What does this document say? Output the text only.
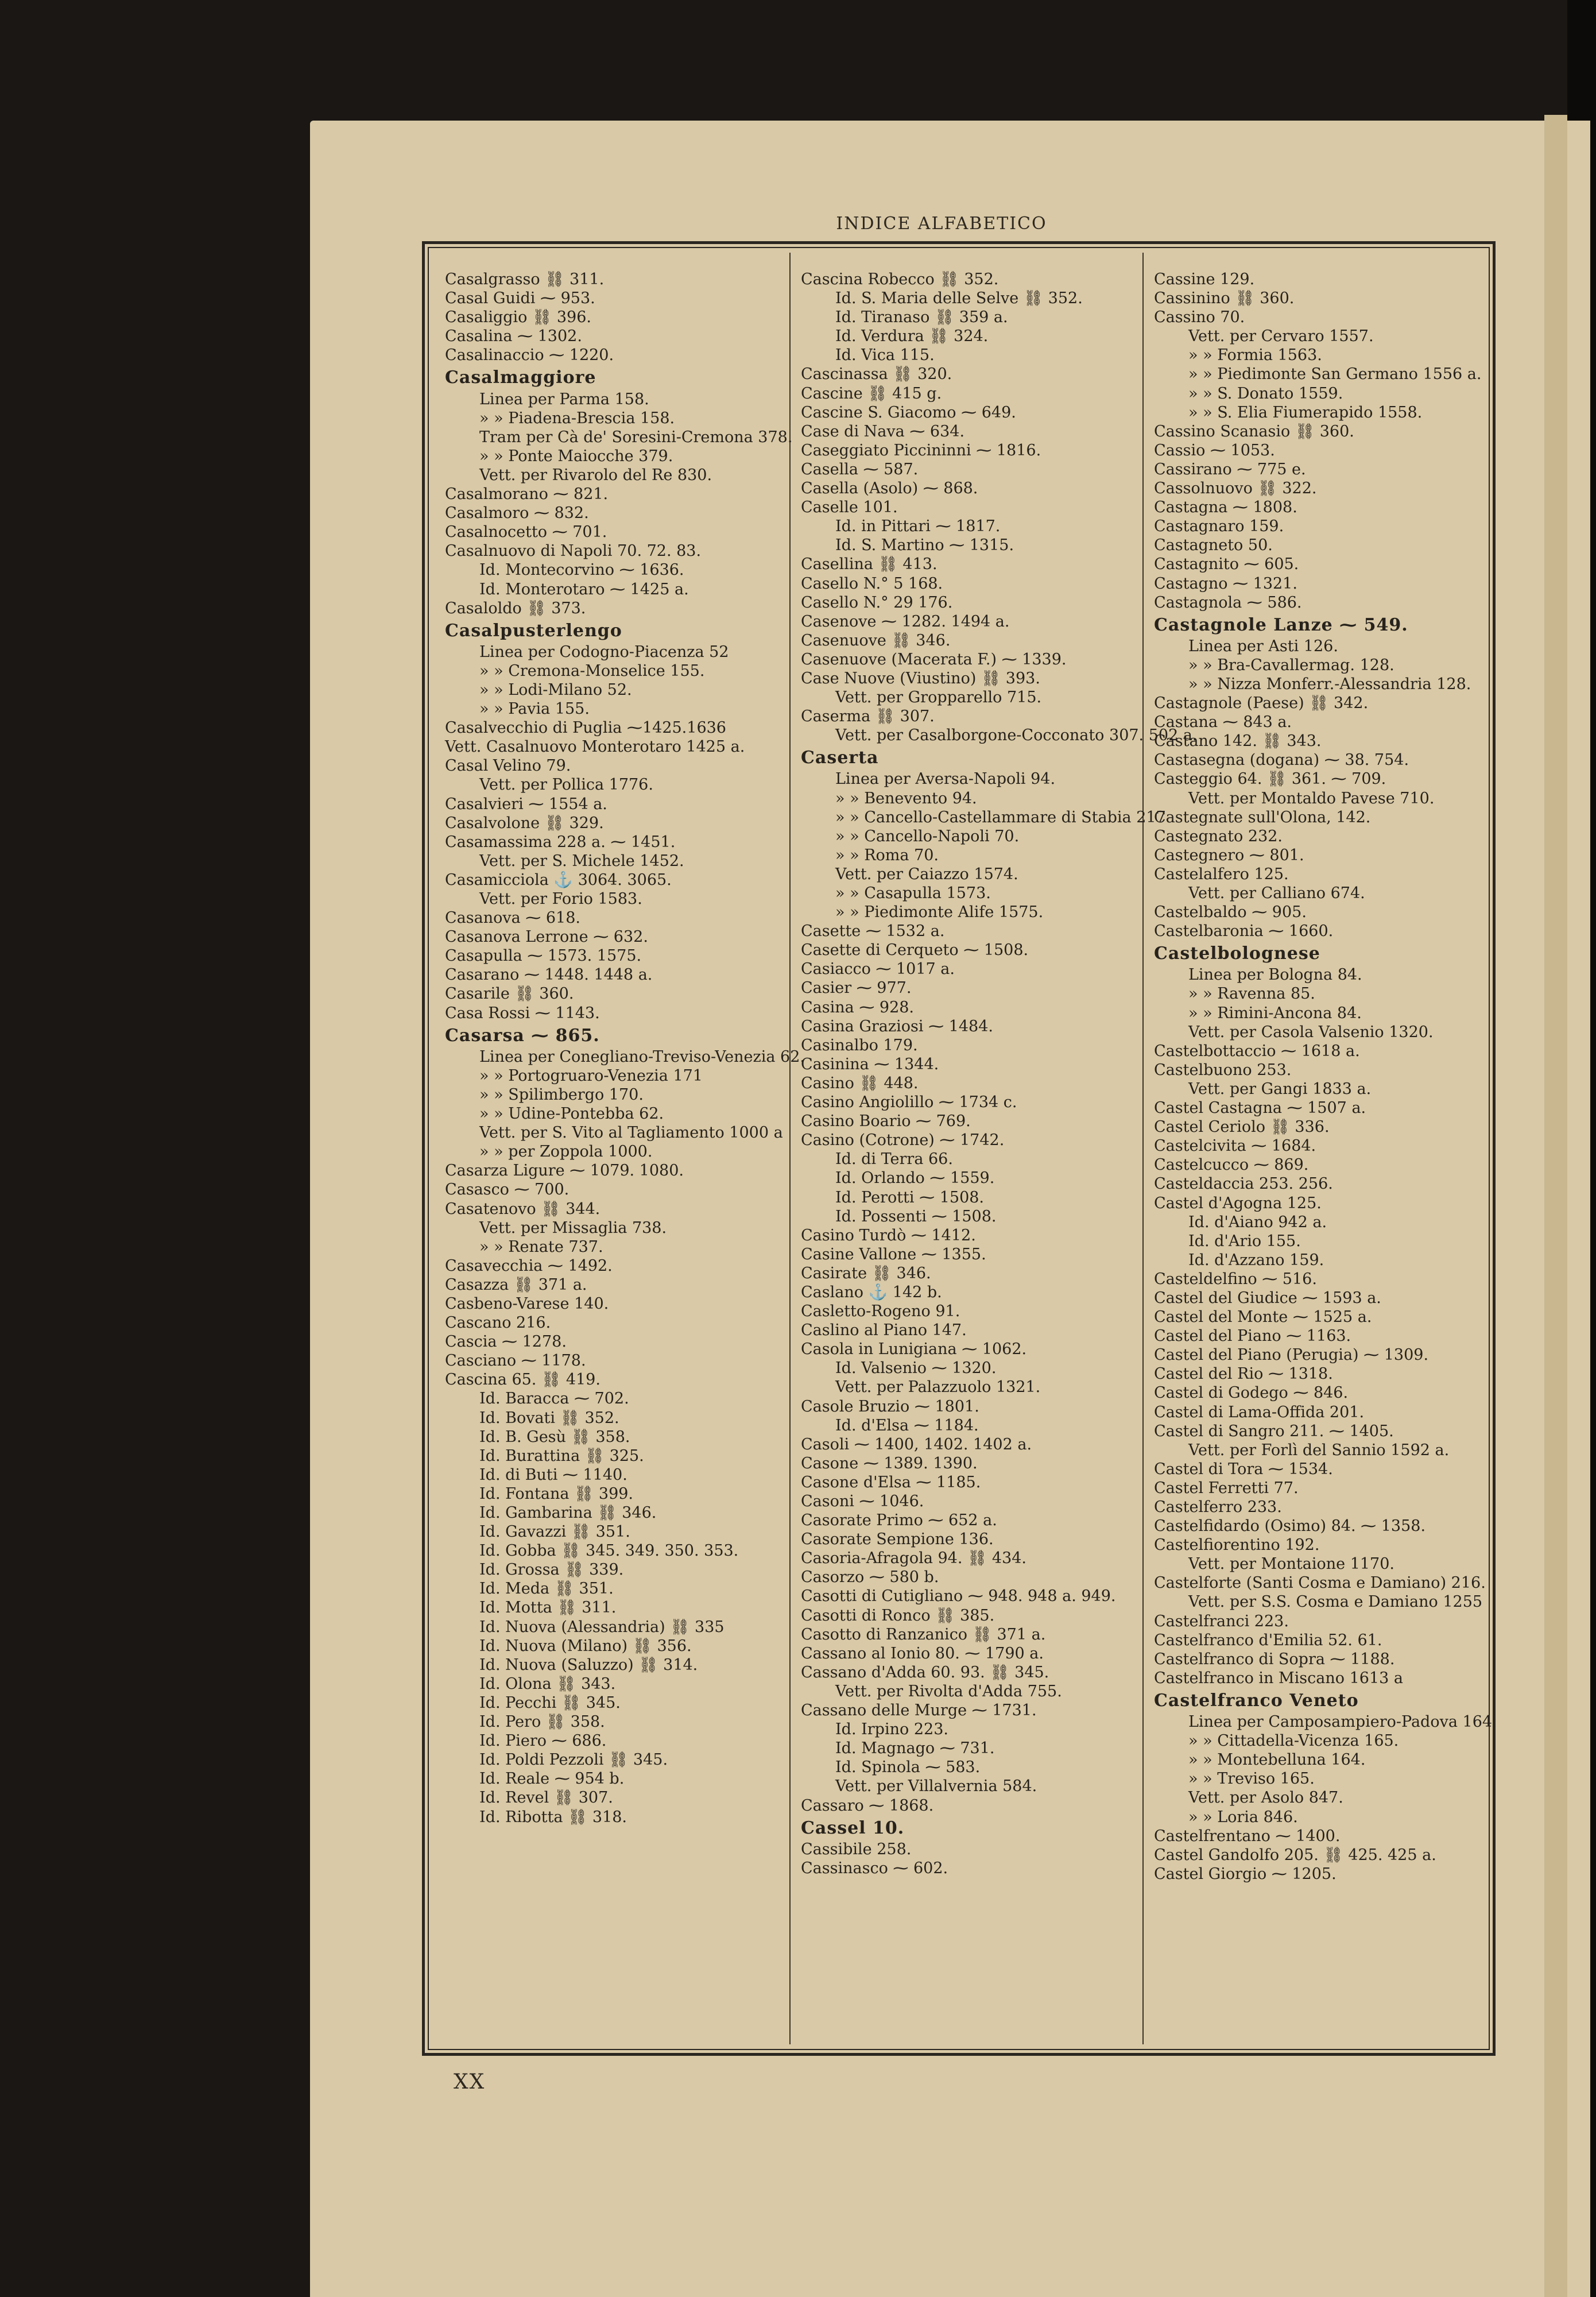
INDICE ALFABETICO
Casalgrasso ⛓ 311.
Casal Guidi ⁓ 953.
Casaliggio ⛓ 396.
Casalina ⁓ 1302.
Casalinaccio ⁓ 1220.
Casalmaggiore
Linea per Parma 158.
» » Piadena-Brescia 158.
Tram per Cà de' Soresini-Cremona 378.
» » Ponte Maiocche 379.
Vett. per Rivarolo del Re 830.
Casalmorano ⁓ 821.
Casalmoro ⁓ 832.
Casalnocetto ⁓ 701.
Casalnuovo di Napoli 70. 72. 83.
Id. Montecorvino ⁓ 1636.
Id. Monterotaro ⁓ 1425 a.
Casaloldo ⛓ 373.
Casalpusterlengo
Linea per Codogno-Piacenza 52
» » Cremona-Monselice 155.
» » Lodi-Milano 52.
» » Pavia 155.
Casalvecchio di Puglia ⁓1425.1636
Vett. Casalnuovo Monterotaro 1425 a.
Casal Velino 79.
Vett. per Pollica 1776.
Casalvieri ⁓ 1554 a.
Casalvolone ⛓ 329.
Casamassima 228 a. ⁓ 1451.
Vett. per S. Michele 1452.
Casamicciola ⚓ 3064. 3065.
Vett. per Forio 1583.
Casanova ⁓ 618.
Casanova Lerrone ⁓ 632.
Casapulla ⁓ 1573. 1575.
Casarano ⁓ 1448. 1448 a.
Casarile ⛓ 360.
Casa Rossi ⁓ 1143.
Casarsa ⁓ 865.
Linea per Conegliano-Treviso-Venezia 62.
» » Portogruaro-Venezia 171
» » Spilimbergo 170.
» » Udine-Pontebba 62.
Vett. per S. Vito al Tagliamento 1000 a
» » per Zoppola 1000.
Casarza Ligure ⁓ 1079. 1080.
Casasco ⁓ 700.
Casatenovo ⛓ 344.
Vett. per Missaglia 738.
» » Renate 737.
Casavecchia ⁓ 1492.
Casazza ⛓ 371 a.
Casbeno-Varese 140.
Cascano 216.
Cascia ⁓ 1278.
Casciano ⁓ 1178.
Cascina 65. ⛓ 419.
Id. Baracca ⁓ 702.
Id. Bovati ⛓ 352.
Id. B. Gesù ⛓ 358.
Id. Burattina ⛓ 325.
Id. di Buti ⁓ 1140.
Id. Fontana ⛓ 399.
Id. Gambarina ⛓ 346.
Id. Gavazzi ⛓ 351.
Id. Gobba ⛓ 345. 349. 350. 353.
Id. Grossa ⛓ 339.
Id. Meda ⛓ 351.
Id. Motta ⛓ 311.
Id. Nuova (Alessandria) ⛓ 335
Id. Nuova (Milano) ⛓ 356.
Id. Nuova (Saluzzo) ⛓ 314.
Id. Olona ⛓ 343.
Id. Pecchi ⛓ 345.
Id. Pero ⛓ 358.
Id. Piero ⁓ 686.
Id. Poldi Pezzoli ⛓ 345.
Id. Reale ⁓ 954 b.
Id. Revel ⛓ 307.
Id. Ribotta ⛓ 318.
Cascina Robecco ⛓ 352.
Id. S. Maria delle Selve ⛓ 352.
Id. Tiranaso ⛓ 359 a.
Id. Verdura ⛓ 324.
Id. Vica 115.
Cascinassa ⛓ 320.
Cascine ⛓ 415 g.
Cascine S. Giacomo ⁓ 649.
Case di Nava ⁓ 634.
Caseggiato Piccininni ⁓ 1816.
Casella ⁓ 587.
Casella (Asolo) ⁓ 868.
Caselle 101.
Id. in Pittari ⁓ 1817.
Id. S. Martino ⁓ 1315.
Casellina ⛓ 413.
Casello N.° 5 168.
Casello N.° 29 176.
Casenove ⁓ 1282. 1494 a.
Casenuove ⛓ 346.
Casenuove (Macerata F.) ⁓ 1339.
Case Nuove (Viustino) ⛓ 393.
Vett. per Gropparello 715.
Caserma ⛓ 307.
Vett. per Casalborgone-Cocconato 307. 502 a.
Caserta
Linea per Aversa-Napoli 94.
» » Benevento 94.
» » Cancello-Castellammare di Stabia 217
» » Cancello-Napoli 70.
» » Roma 70.
Vett. per Caiazzo 1574.
» » Casapulla 1573.
» » Piedimonte Alife 1575.
Casette ⁓ 1532 a.
Casette di Cerqueto ⁓ 1508.
Casiacco ⁓ 1017 a.
Casier ⁓ 977.
Casina ⁓ 928.
Casina Graziosi ⁓ 1484.
Casinalbo 179.
Casinina ⁓ 1344.
Casino ⛓ 448.
Casino Angiolillo ⁓ 1734 c.
Casino Boario ⁓ 769.
Casino (Cotrone) ⁓ 1742.
Id. di Terra 66.
Id. Orlando ⁓ 1559.
Id. Perotti ⁓ 1508.
Id. Possenti ⁓ 1508.
Casino Turdò ⁓ 1412.
Casine Vallone ⁓ 1355.
Casirate ⛓ 346.
Caslano ⚓ 142 b.
Casletto-Rogeno 91.
Caslino al Piano 147.
Casola in Lunigiana ⁓ 1062.
Id. Valsenio ⁓ 1320.
Vett. per Palazzuolo 1321.
Casole Bruzio ⁓ 1801.
Id. d'Elsa ⁓ 1184.
Casoli ⁓ 1400, 1402. 1402 a.
Casone ⁓ 1389. 1390.
Casone d'Elsa ⁓ 1185.
Casoni ⁓ 1046.
Casorate Primo ⁓ 652 a.
Casorate Sempione 136.
Casoria-Afragola 94. ⛓ 434.
Casorzo ⁓ 580 b.
Casotti di Cutigliano ⁓ 948. 948 a. 949.
Casotti di Ronco ⛓ 385.
Casotto di Ranzanico ⛓ 371 a.
Cassano al Ionio 80. ⁓ 1790 a.
Cassano d'Adda 60. 93. ⛓ 345.
Vett. per Rivolta d'Adda 755.
Cassano delle Murge ⁓ 1731.
Id. Irpino 223.
Id. Magnago ⁓ 731.
Id. Spinola ⁓ 583.
Vett. per Villalvernia 584.
Cassaro ⁓ 1868.
Cassel 10.
Cassibile 258.
Cassinasco ⁓ 602.
Cassine 129.
Cassinino ⛓ 360.
Cassino 70.
Vett. per Cervaro 1557.
» » Formia 1563.
» » Piedimonte San Germano 1556 a.
» » S. Donato 1559.
» » S. Elia Fiumerapido 1558.
Cassino Scanasio ⛓ 360.
Cassio ⁓ 1053.
Cassirano ⁓ 775 e.
Cassolnuovo ⛓ 322.
Castagna ⁓ 1808.
Castagnaro 159.
Castagneto 50.
Castagnito ⁓ 605.
Castagno ⁓ 1321.
Castagnola ⁓ 586.
Castagnole Lanze ⁓ 549.
Linea per Asti 126.
» » Bra-Cavallermag. 128.
» » Nizza Monferr.-Alessandria 128.
Castagnole (Paese) ⛓ 342.
Castana ⁓ 843 a.
Castano 142. ⛓ 343.
Castasegna (dogana) ⁓ 38. 754.
Casteggio 64. ⛓ 361. ⁓ 709.
Vett. per Montaldo Pavese 710.
Castegnate sull'Olona, 142.
Castegnato 232.
Castegnero ⁓ 801.
Castelalfero 125.
Vett. per Calliano 674.
Castelbaldo ⁓ 905.
Castelbaronia ⁓ 1660.
Castelbolognese
Linea per Bologna 84.
» » Ravenna 85.
» » Rimini-Ancona 84.
Vett. per Casola Valsenio 1320.
Castelbottaccio ⁓ 1618 a.
Castelbuono 253.
Vett. per Gangi 1833 a.
Castel Castagna ⁓ 1507 a.
Castel Ceriolo ⛓ 336.
Castelcivita ⁓ 1684.
Castelcucco ⁓ 869.
Casteldaccia 253. 256.
Castel d'Agogna 125.
Id. d'Aiano 942 a.
Id. d'Ario 155.
Id. d'Azzano 159.
Casteldelfino ⁓ 516.
Castel del Giudice ⁓ 1593 a.
Castel del Monte ⁓ 1525 a.
Castel del Piano ⁓ 1163.
Castel del Piano (Perugia) ⁓ 1309.
Castel del Rio ⁓ 1318.
Castel di Godego ⁓ 846.
Castel di Lama-Offida 201.
Castel di Sangro 211. ⁓ 1405.
Vett. per Forlì del Sannio 1592 a.
Castel di Tora ⁓ 1534.
Castel Ferretti 77.
Castelferro 233.
Castelfidardo (Osimo) 84. ⁓ 1358.
Castelfiorentino 192.
Vett. per Montaione 1170.
Castelforte (Santi Cosma e Damiano) 216.
Vett. per S.S. Cosma e Damiano 1255
Castelfranci 223.
Castelfranco d'Emilia 52. 61.
Castelfranco di Sopra ⁓ 1188.
Castelfranco in Miscano 1613 a
Castelfranco Veneto
Linea per Camposampiero-Padova 164
» » Cittadella-Vicenza 165.
» » Montebelluna 164.
» » Treviso 165.
Vett. per Asolo 847.
» » Loria 846.
Castelfrentano ⁓ 1400.
Castel Gandolfo 205. ⛓ 425. 425 a.
Castel Giorgio ⁓ 1205.
XX
